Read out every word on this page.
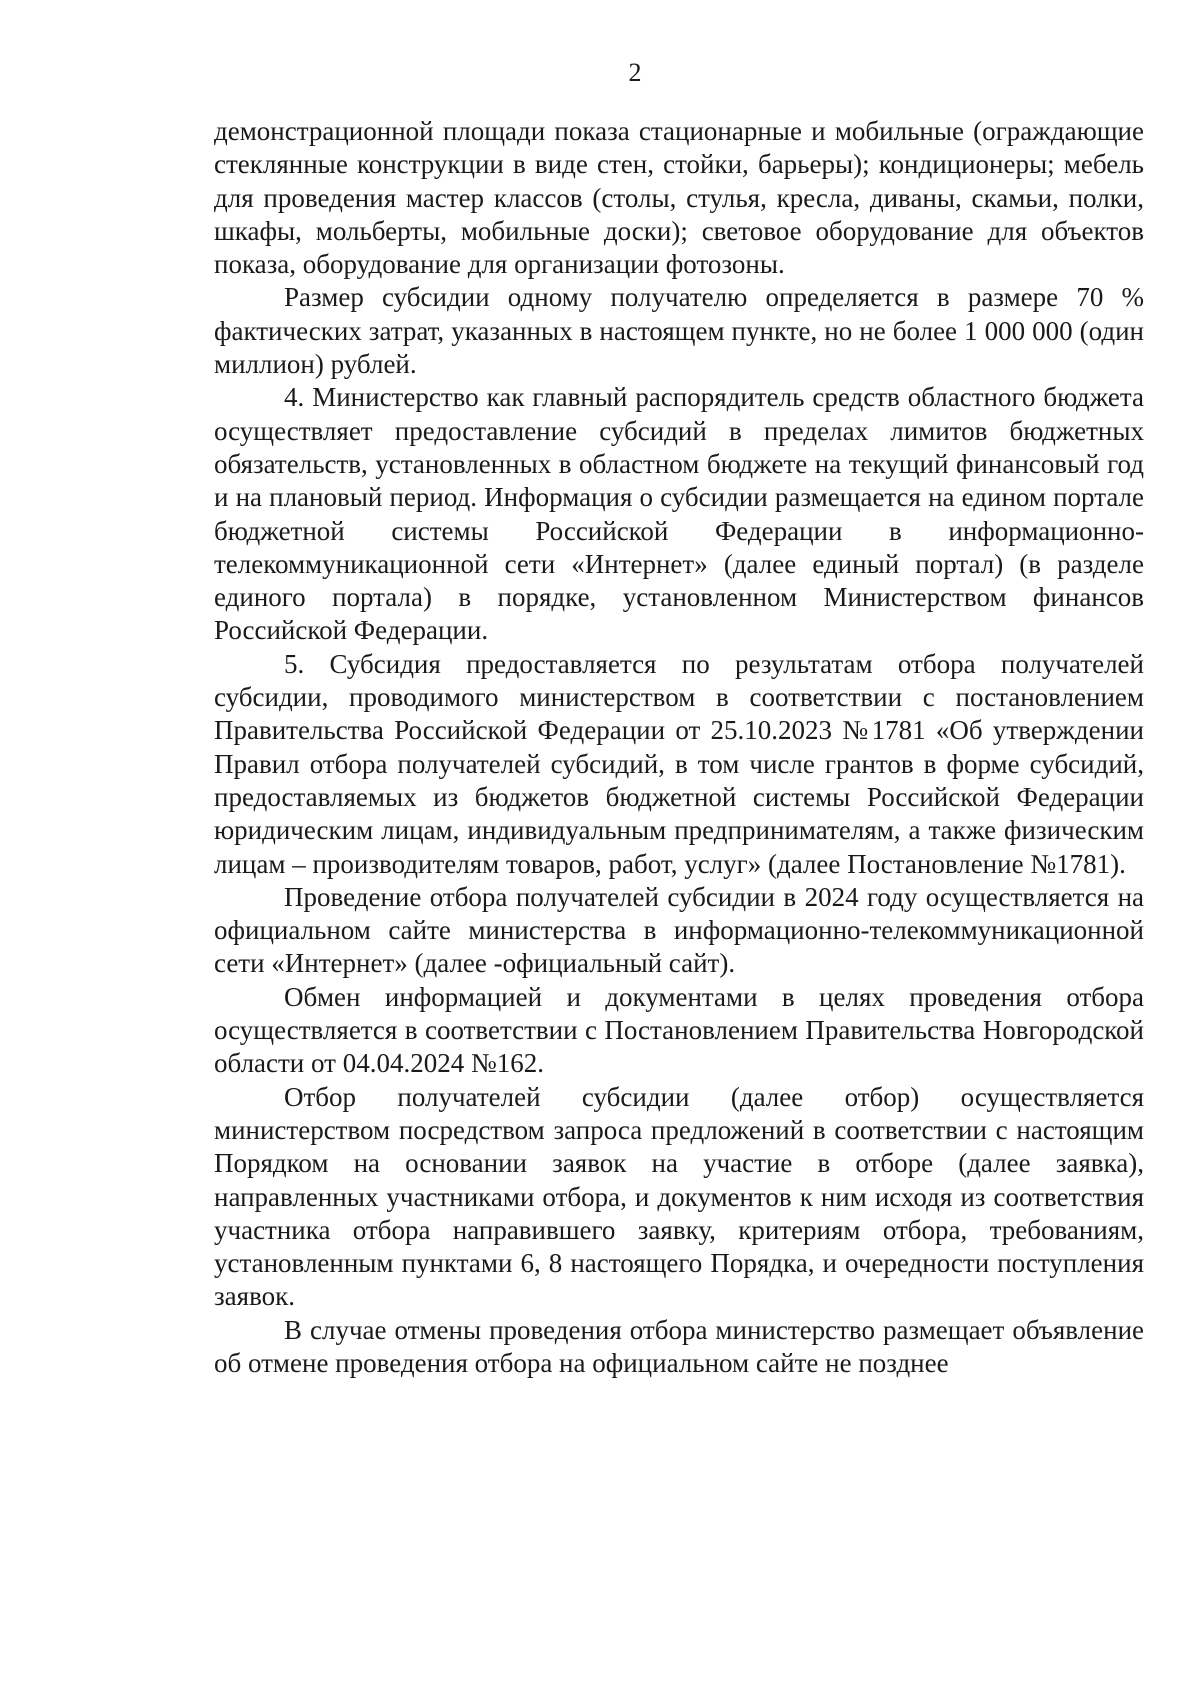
2

демонстрационной площади показа стационарные и мобильные (ограждающие стеклянные конструкции в виде стен, стойки, барьеры); кондиционеры; мебель для проведения мастер классов (столы, стулья, кресла, диваны, скамьи, полки, шкафы, мольберты, мобильные доски); световое оборудование для объектов показа, оборудование для организации фотозоны.

Размер субсидии одному получателю определяется в размере 70 % фактических затрат, указанных в настоящем пункте, но не более 1 000 000 (один миллион) рублей.

4. Министерство как главный распорядитель средств областного бюджета осуществляет предоставление субсидий в пределах лимитов бюджетных обязательств, установленных в областном бюджете на текущий финансовый год и на плановый период. Информация о субсидии размещается на едином портале бюджетной системы Российской Федерации в информационно-телекоммуникационной сети «Интернет» (далее единый портал) (в разделе единого портала) в порядке, установленном Министерством финансов Российской Федерации.

5. Субсидия предоставляется по результатам отбора получателей субсидии, проводимого министерством в соответствии с постановлением Правительства Российской Федерации от 25.10.2023 №1781 «Об утверждении Правил отбора получателей субсидий, в том числе грантов в форме субсидий, предоставляемых из бюджетов бюджетной системы Российской Федерации юридическим лицам, индивидуальным предпринимателям, а также физическим лицам – производителям товаров, работ, услуг» (далее Постановление №1781).

Проведение отбора получателей субсидии в 2024 году осуществляется на официальном сайте министерства в информационно-телекоммуникационной сети «Интернет» (далее -официальный сайт).

Обмен информацией и документами в целях проведения отбора осуществляется в соответствии с Постановлением Правительства Новгородской области от 04.04.2024 №162.

Отбор получателей субсидии (далее отбор) осуществляется министерством посредством запроса предложений в соответствии с настоящим Порядком на основании заявок на участие в отборе (далее заявка), направленных участниками отбора, и документов к ним исходя из соответствия участника отбора направившего заявку, критериям отбора, требованиям, установленным пунктами 6, 8 настоящего Порядка, и очередности поступления заявок.

В случае отмены проведения отбора министерство размещает объявление об отмене проведения отбора на официальном сайте не позднее
